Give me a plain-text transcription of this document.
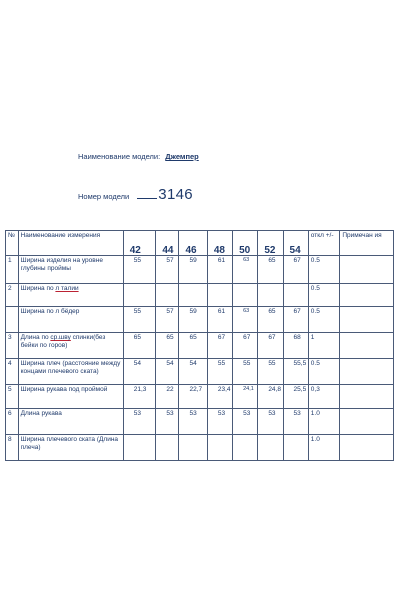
Наименование модели: Джемпер
Номер модели 3146
№	Наименование измерения	42	44	46	48	50	52	54	откл +/-	Примечан ия
1	Ширина изделия на уровне глубины проймы	55	57	59	61	63	65	67	0.5	
2	Ширина по л талии								0.5	
	Ширина по л бёдер	55	57	59	61	63	65	67	0.5	
3	Длина по ср.шву спинки(без бейки по горов)	65	65	65	67	67	67	68	1	
4	Ширина плеч (расстояние между концами плечевого ската)	54	54	54	55	55	55	55,5	0.5	
5	Ширина рукава под проймой	21,3	22	22,7	23,4	24,1	24,8	25,5	0,3	
6	Длина рукава	53	53	53	53	53	53	53	1.0	
8	Ширина плечевого ската (Длина плеча)								1.0	
